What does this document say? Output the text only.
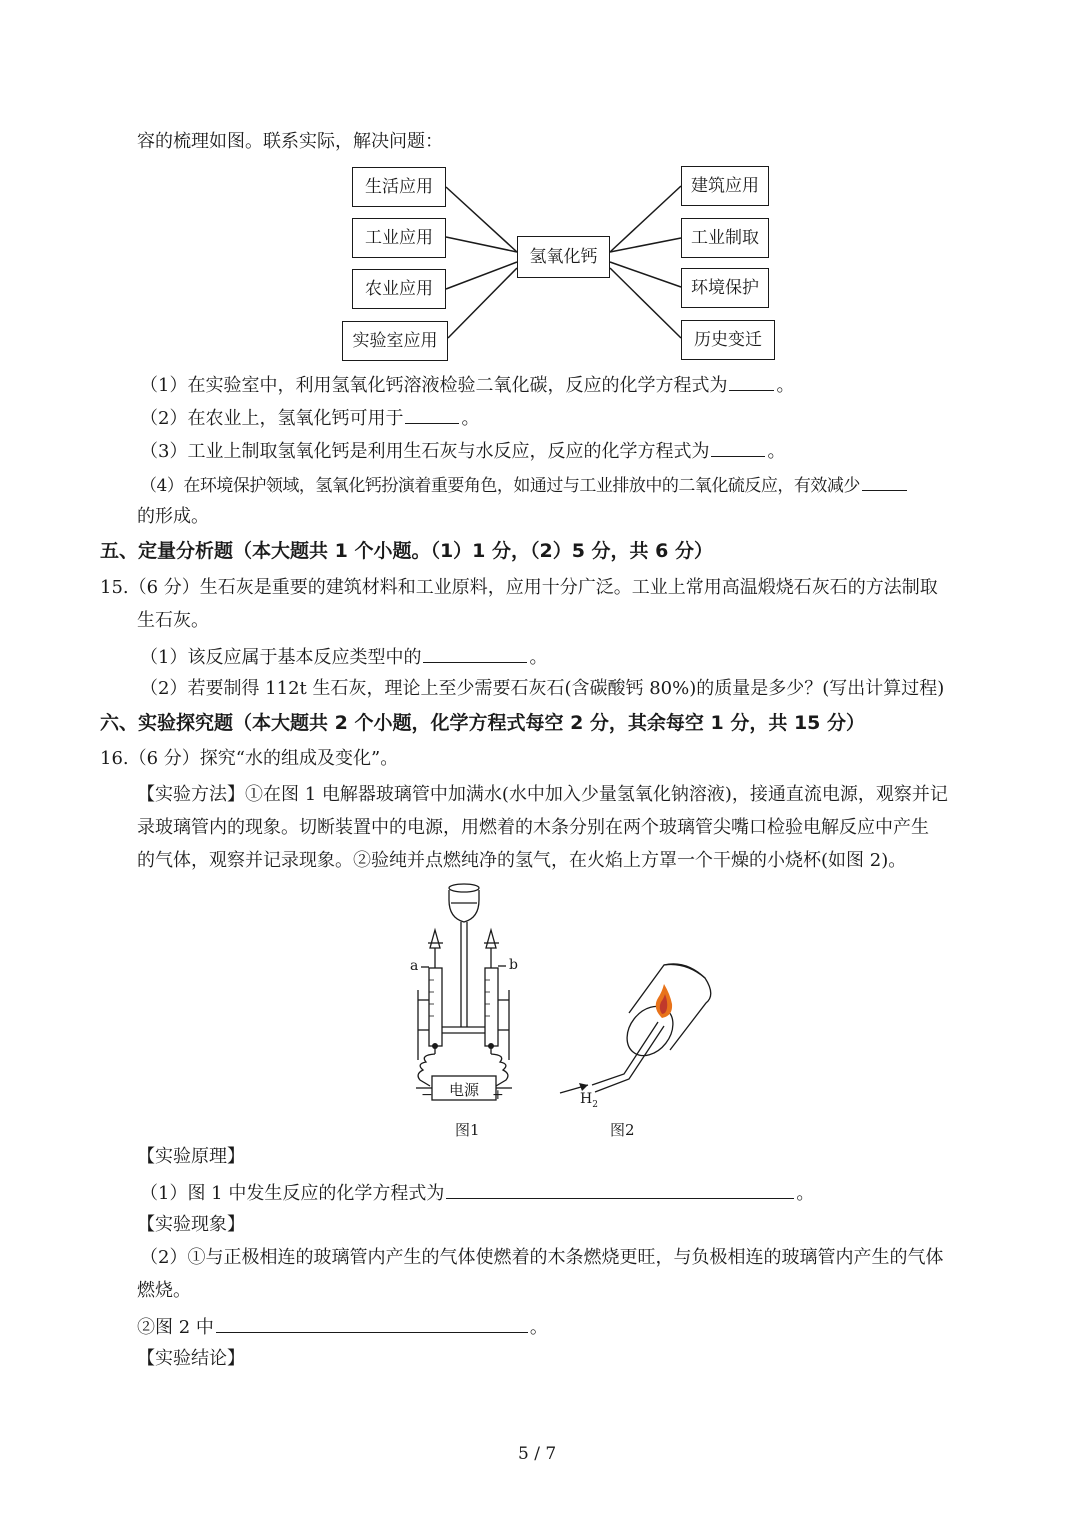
容的梳理如图。联系实际，解决问题：
生活应用
工业应用
农业应用
实验室应用
氢氧化钙
建筑应用
工业制取
环境保护
历史变迁
（1）在实验室中，利用氢氧化钙溶液检验二氧化碳，反应的化学方程式为	。
（2）在农业上，氢氧化钙可用于	。
（3）工业上制取氢氧化钙是利用生石灰与水反应，反应的化学方程式为	。
（4）在环境保护领域，氢氧化钙扮演着重要角色，如通过与工业排放中的二氧化硫反应，有效减少
的形成。
五、定量分析题（本大题共 1 个小题。（1）1 分，（2）5 分，共 6 分）
15.（6 分）生石灰是重要的建筑材料和工业原料，应用十分广泛。工业上常用高温煅烧石灰石的方法制取
生石灰。
（1）该反应属于基本反应类型中的	。
（2）若要制得 112t 生石灰，理论上至少需要石灰石(含碳酸钙 80%)的质量是多少？(写出计算过程)
六、实验探究题（本大题共 2 个小题，化学方程式每空 2 分，其余每空 1 分，共 15 分）
16.（6 分）探究“水的组成及变化”。
【实验方法】①在图 1 电解器玻璃管中加满水(水中加入少量氢氧化钠溶液)，接通直流电源，观察并记
录玻璃管内的现象。切断装置中的电源，用燃着的木条分别在两个玻璃管尖嘴口检验电解反应中产生
的气体，观察并记录现象。②验纯并点燃纯净的氢气，在火焰上方罩一个干燥的小烧杯(如图 2)。
a	b
电源
−	+
图1
$H_2$
图2
【实验原理】
（1）图 1 中发生反应的化学方程式为	。
【实验现象】
（2）①与正极相连的玻璃管内产生的气体使燃着的木条燃烧更旺，与负极相连的玻璃管内产生的气体
燃烧。
②图 2 中	。
【实验结论】
5 / 7
